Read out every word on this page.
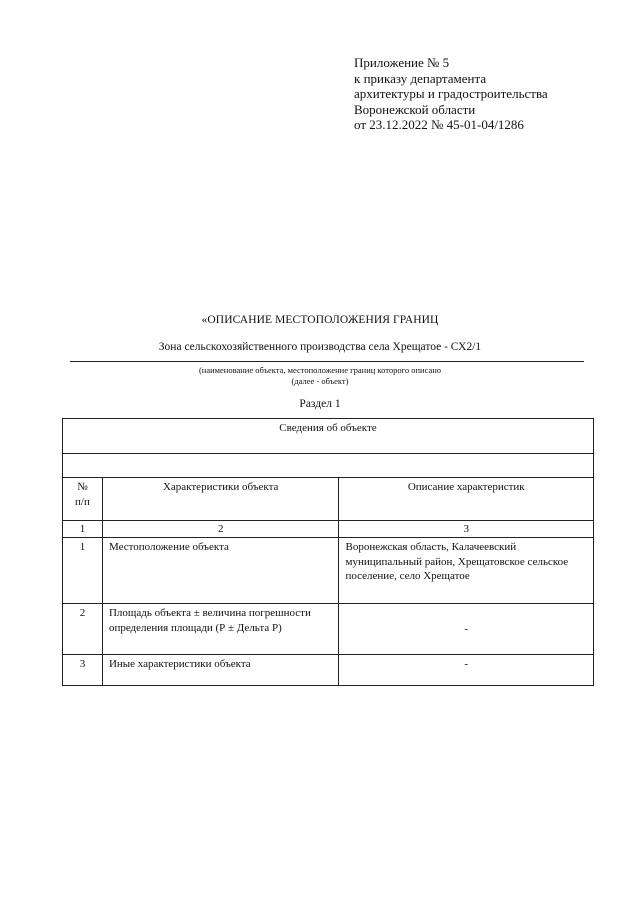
Приложение № 5
к приказу департамента
архитектуры и градостроительства
Воронежской области
от 23.12.2022 № 45-01-04/1286
«ОПИСАНИЕ МЕСТОПОЛОЖЕНИЯ ГРАНИЦ
Зона сельскохозяйственного производства села Хрещатое - СХ2/1
(наименование объекта, местоположение границ которого описано
(далее - объект)
Раздел 1
Сведения об объекте		

№
п/п	Характеристики объекта	Описание характеристик
1	2	3
1	Местоположение объекта	Воронежская область, Калачеевский муниципальный район, Хрещатовское сельское поселение, село Хрещатое
2	Площадь объекта ± величина погрешности определения площади (Р ± Дельта Р)	-
3	Иные характеристики объекта	-
